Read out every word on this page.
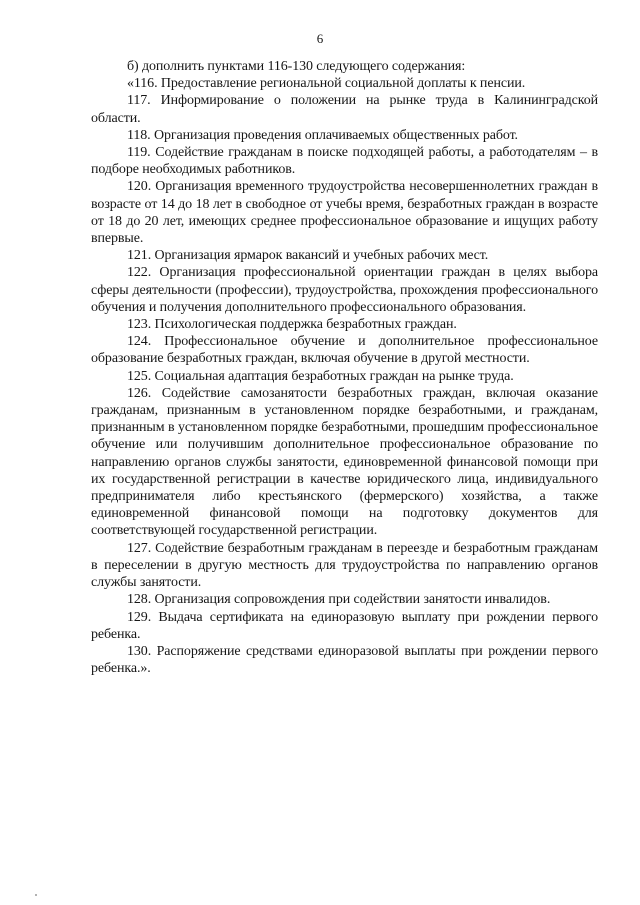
6

б) дополнить пунктами 116-130 следующего содержания:

«116. Предоставление региональной социальной доплаты к пенсии.

117. Информирование о положении на рынке труда в Калининградской области.

118. Организация проведения оплачиваемых общественных работ.

119. Содействие гражданам в поиске подходящей работы, а работодателям – в подборе необходимых работников.

120. Организация временного трудоустройства несовершеннолетних граждан в возрасте от 14 до 18 лет в свободное от учебы время, безработных граждан в возрасте от 18 до 20 лет, имеющих среднее профессиональное образование и ищущих работу впервые.

121. Организация ярмарок вакансий и учебных рабочих мест.

122. Организация профессиональной ориентации граждан в целях выбора сферы деятельности (профессии), трудоустройства, прохождения профессионального обучения и получения дополнительного профессионального образования.

123. Психологическая поддержка безработных граждан.

124. Профессиональное обучение и дополнительное профессиональное образование безработных граждан, включая обучение в другой местности.

125. Социальная адаптация безработных граждан на рынке труда.

126. Содействие самозанятости безработных граждан, включая оказание гражданам, признанным в установленном порядке безработными, и гражданам, признанным в установленном порядке безработными, прошедшим профессиональное обучение или получившим дополнительное профессиональное образование по направлению органов службы занятости, единовременной финансовой помощи при их государственной регистрации в качестве юридического лица, индивидуального предпринимателя либо крестьянского (фермерского) хозяйства, а также единовременной финансовой помощи на подготовку документов для соответствующей государственной регистрации.

127. Содействие безработным гражданам в переезде и безработным гражданам в переселении в другую местность для трудоустройства по направлению органов службы занятости.

128. Организация сопровождения при содействии занятости инвалидов.

129. Выдача сертификата на единоразовую выплату при рождении первого ребенка.

130. Распоряжение средствами единоразовой выплаты при рождении первого ребенка.».
